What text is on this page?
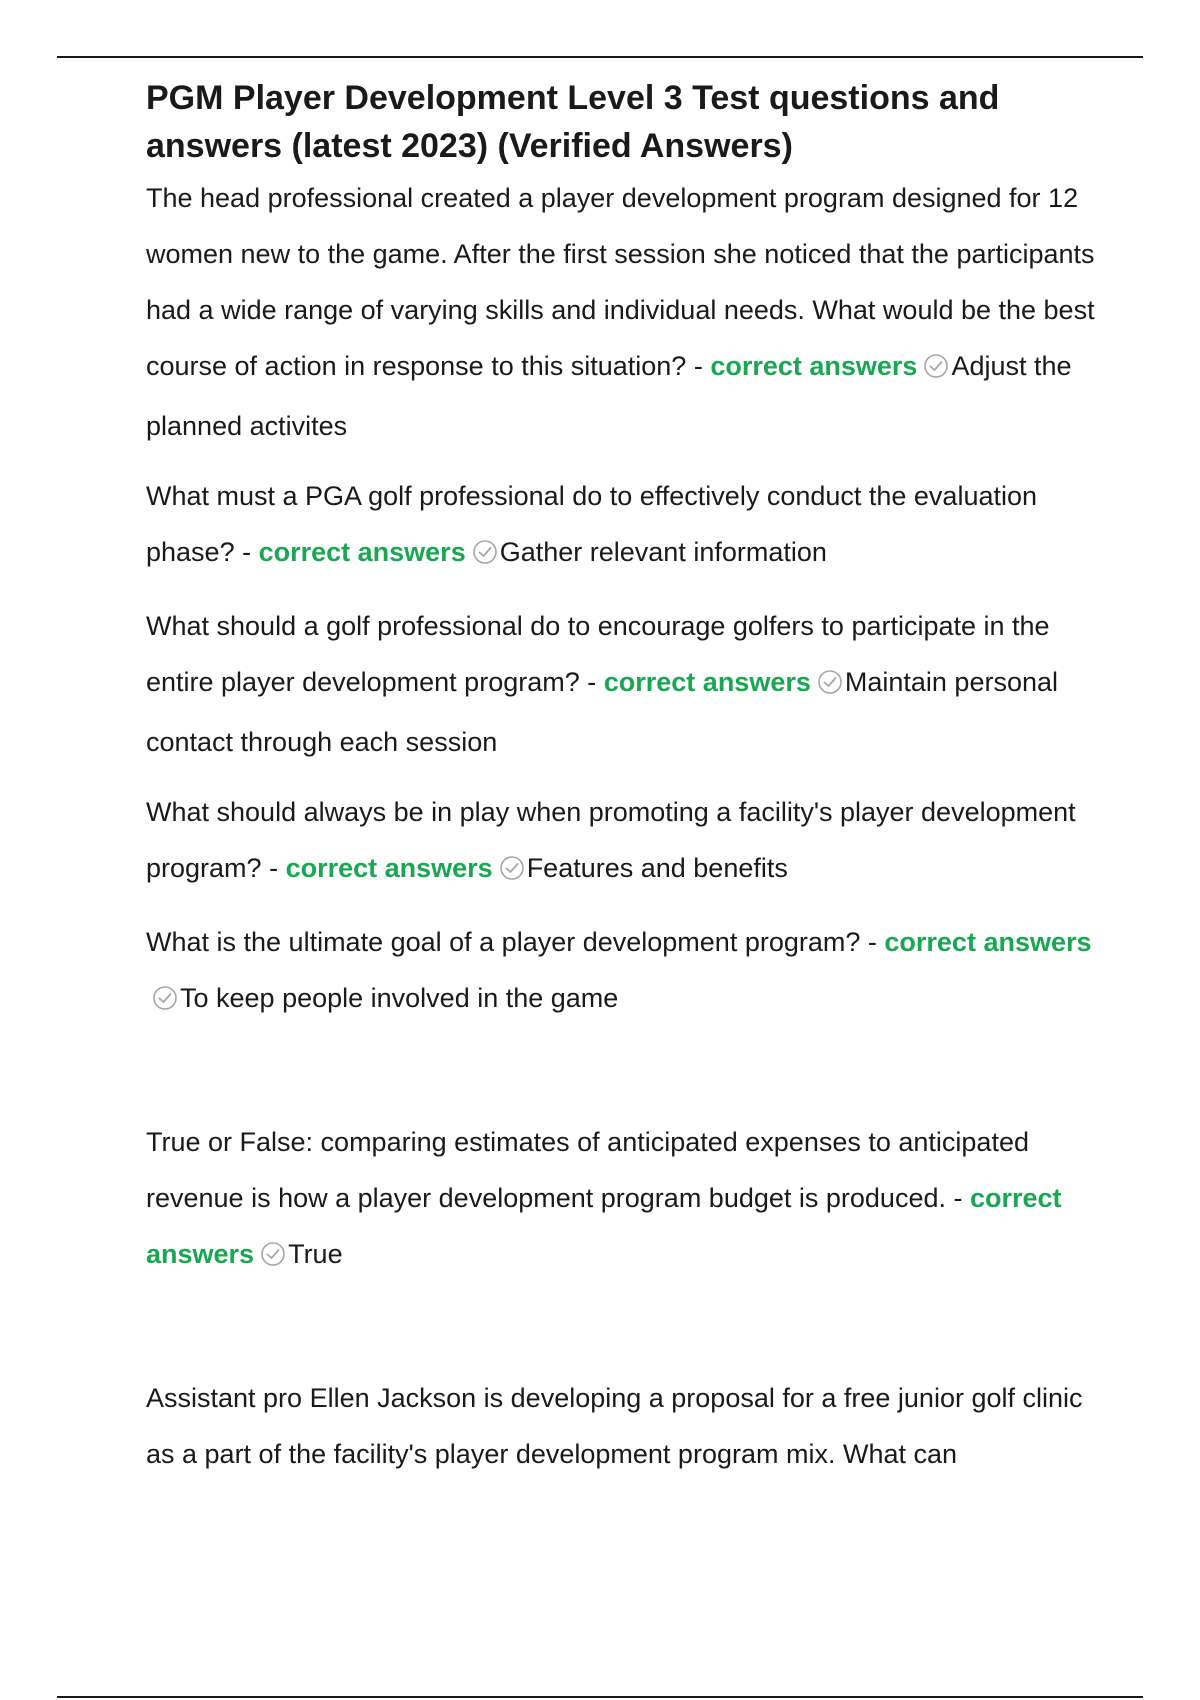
PGM Player Development Level 3 Test questions and answers (latest 2023) (Verified Answers)

The head professional created a player development program designed for 12 women new to the game. After the first session she noticed that the participants had a wide range of varying skills and individual needs. What would be the best course of action in response to this situation? - correct answers Adjust the planned activites

What must a PGA golf professional do to effectively conduct the evaluation phase? - correct answers Gather relevant information

What should a golf professional do to encourage golfers to participate in the entire player development program? - correct answers Maintain personal contact through each session

What should always be in play when promoting a facility's player development program? - correct answers Features and benefits

What is the ultimate goal of a player development program? - correct answersTo keep people involved in the game

True or False: comparing estimates of anticipated expenses to anticipated revenue is how a player development program budget is produced. - correct answers True

Assistant pro Ellen Jackson is developing a proposal for a free junior golf clinic as a part of the facility's player development program mix. What can
